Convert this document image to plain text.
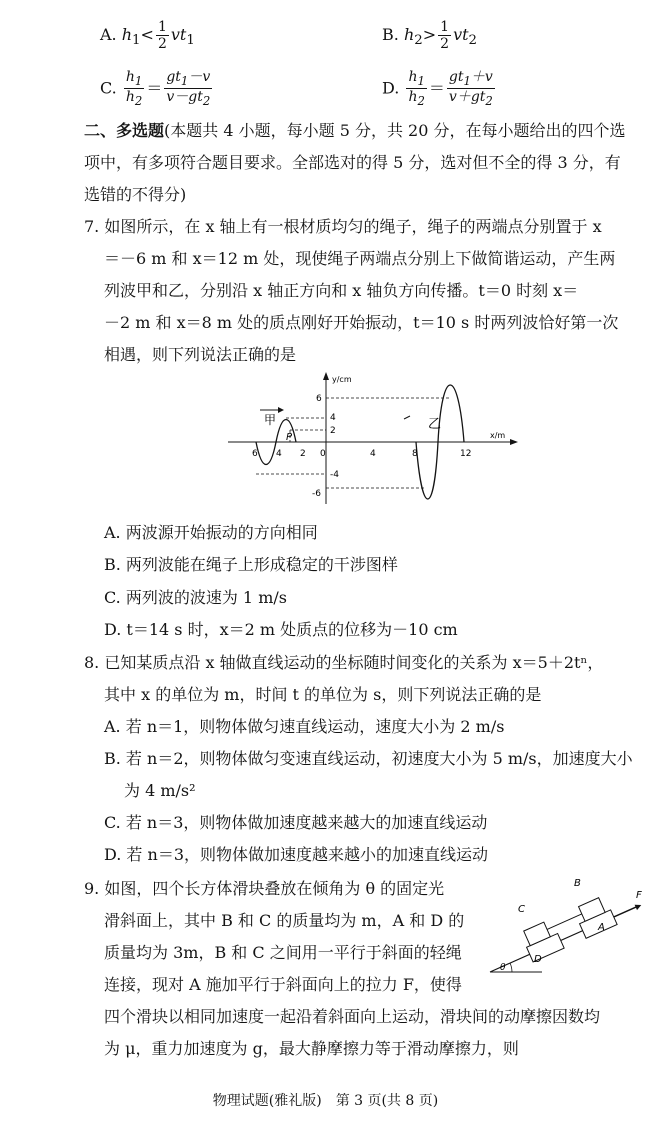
A. $h_1< \frac{1}{2} vt_1$	B. $h_2> \frac{1}{2} vt_2$
C. $\frac{h_1}{h_2} = \frac{gt_1-v}{v-gt_2}$	D. $\frac{h_1}{h_2} = \frac{gt_1+v}{v+gt_2}$
二、多选题(本题共 4 小题，每小题 5 分，共 20 分，在每小题给出的四个选
项中，有多项符合题目要求。全部选对的得 5 分，选对但不全的得 3 分，有
选错的不得分)
7. 如图所示，在 x 轴上有一根材质均匀的绳子，绳子的两端点分别置于 x
＝－6 m 和 x＝12 m 处，现使绳子两端点分别上下做简谐运动，产生两
列波甲和乙，分别沿 x 轴正方向和 x 轴负方向传播。t＝0 时刻 x＝
－2 m 和 x＝8 m 处的质点刚好开始振动，t＝10 s 时两列波恰好第一次
相遇，则下列说法正确的是
y/cm
x/m
甲	乙
P
6 4 2 0	4	8	12
6
4
2
-4
-6
A. 两波源开始振动的方向相同
B. 两列波能在绳子上形成稳定的干涉图样
C. 两列波的波速为 1 m/s
D. t＝14 s 时，x＝2 m 处质点的位移为－10 cm
8. 已知某质点沿 x 轴做直线运动的坐标随时间变化的关系为 x＝5＋2tⁿ，
其中 x 的单位为 m，时间 t 的单位为 s，则下列说法正确的是
A. 若 n＝1，则物体做匀速直线运动，速度大小为 2 m/s
B. 若 n＝2，则物体做匀变速直线运动，初速度大小为 5 m/s，加速度大小
为 4 m/s²
C. 若 n＝3，则物体做加速度越来越大的加速直线运动
D. 若 n＝3，则物体做加速度越来越小的加速直线运动
9. 如图，四个长方体滑块叠放在倾角为 θ 的固定光
滑斜面上，其中 B 和 C 的质量均为 m，A 和 D 的
质量均为 3m，B 和 C 之间用一平行于斜面的轻绳
连接，现对 A 施加平行于斜面向上的拉力 F，使得
四个滑块以相同加速度一起沿着斜面向上运动，滑块间的动摩擦因数均
为 μ，重力加速度为 g，最大静摩擦力等于滑动摩擦力，则
θ
C
B
A
D
F
物理试题(雅礼版)　第 3 页(共 8 页)
